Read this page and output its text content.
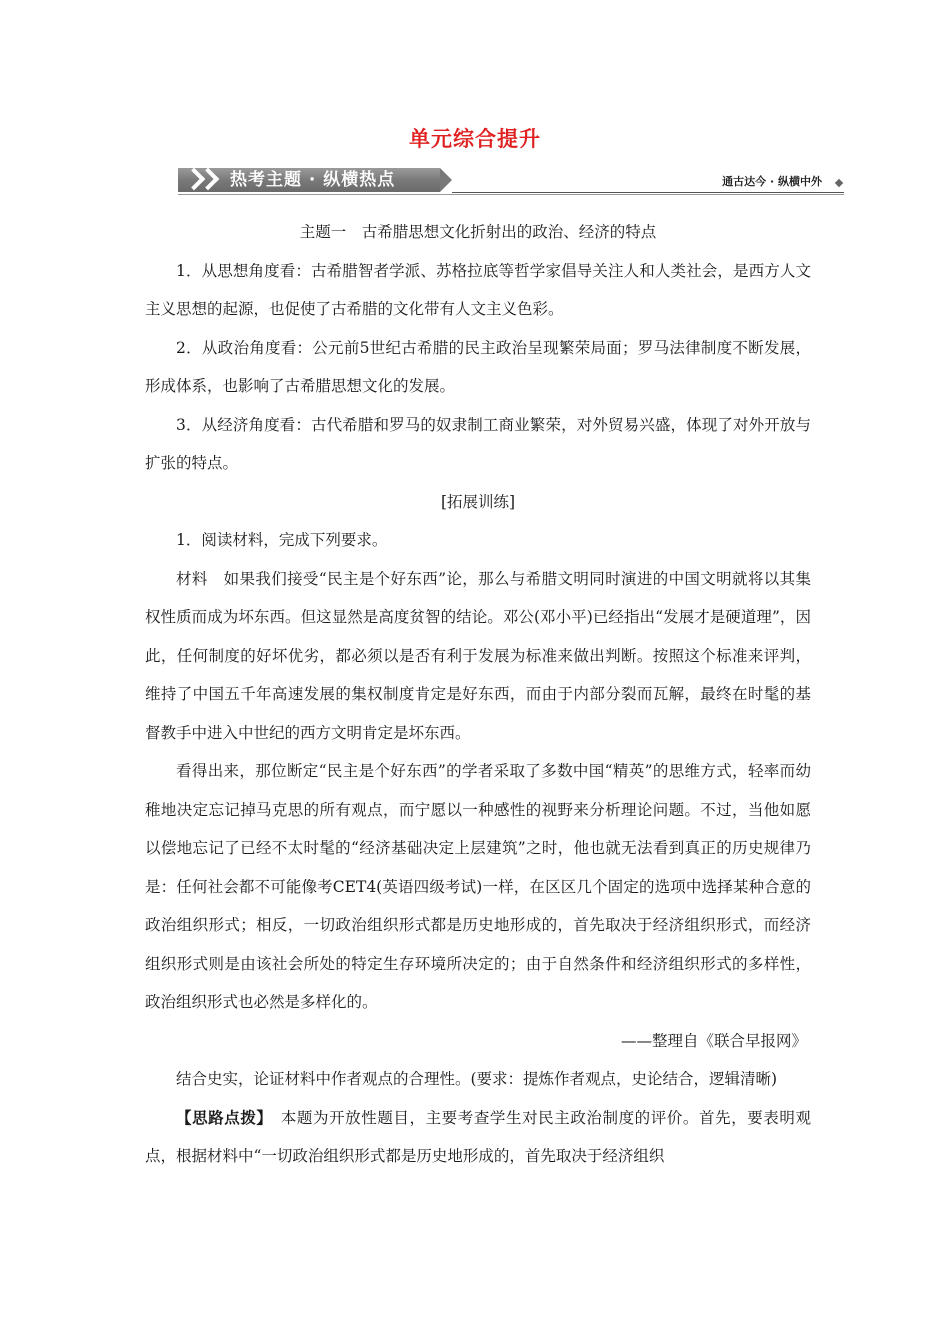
单元综合提升
热考主题 · 纵横热点	通古达今 · 纵横中外

主题一　古希腊思想文化折射出的政治、经济的特点

1．从思想角度看：古希腊智者学派、苏格拉底等哲学家倡导关注人和人类社会，是西方人文主义思想的起源，也促使了古希腊的文化带有人文主义色彩。

2．从政治角度看：公元前5世纪古希腊的民主政治呈现繁荣局面；罗马法律制度不断发展，形成体系，也影响了古希腊思想文化的发展。

3．从经济角度看：古代希腊和罗马的奴隶制工商业繁荣，对外贸易兴盛，体现了对外开放与扩张的特点。

[拓展训练]

1．阅读材料，完成下列要求。

材料　如果我们接受“民主是个好东西”论，那么与希腊文明同时演进的中国文明就将以其集权性质而成为坏东西。但这显然是高度贫智的结论。邓公(邓小平)已经指出“发展才是硬道理”，因此，任何制度的好坏优劣，都必须以是否有利于发展为标准来做出判断。按照这个标准来评判，维持了中国五千年高速发展的集权制度肯定是好东西，而由于内部分裂而瓦解，最终在时髦的基督教手中进入中世纪的西方文明肯定是坏东西。

看得出来，那位断定“民主是个好东西”的学者采取了多数中国“精英”的思维方式，轻率而幼稚地决定忘记掉马克思的所有观点，而宁愿以一种感性的视野来分析理论问题。不过，当他如愿以偿地忘记了已经不太时髦的“经济基础决定上层建筑”之时，他也就无法看到真正的历史规律乃是：任何社会都不可能像考CET4(英语四级考试)一样，在区区几个固定的选项中选择某种合意的政治组织形式；相反，一切政治组织形式都是历史地形成的，首先取决于经济组织形式，而经济组织形式则是由该社会所处的特定生存环境所决定的；由于自然条件和经济组织形式的多样性，政治组织形式也必然是多样化的。

——整理自《联合早报网》

结合史实，论证材料中作者观点的合理性。(要求：提炼作者观点，史论结合，逻辑清晰)

【思路点拨】　本题为开放性题目，主要考查学生对民主政治制度的评价。首先，要表明观点，根据材料中“一切政治组织形式都是历史地形成的，首先取决于经济组织
